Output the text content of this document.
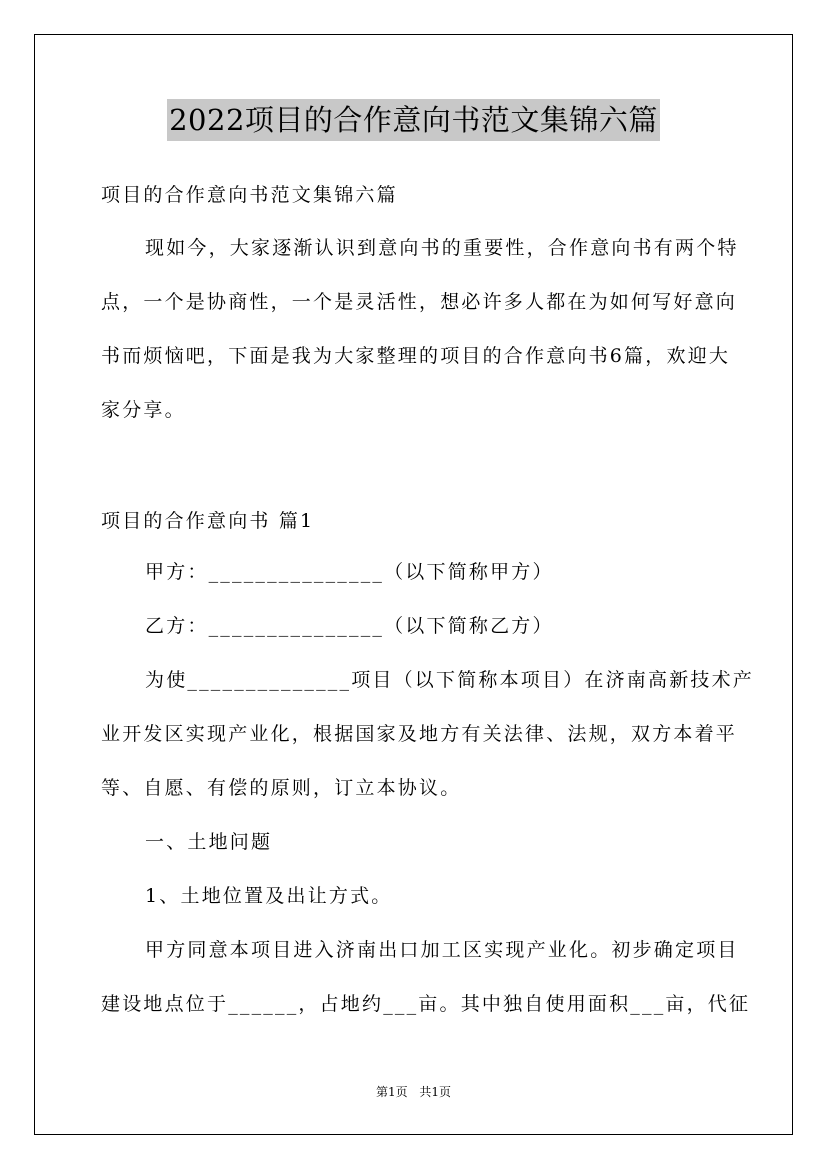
2022项目的合作意向书范文集锦六篇

项目的合作意向书范文集锦六篇

现如今，大家逐渐认识到意向书的重要性，合作意向书有两个特
点，一个是协商性，一个是灵活性，想必许多人都在为如何写好意向
书而烦恼吧，下面是我为大家整理的项目的合作意向书6篇，欢迎大
家分享。

项目的合作意向书 篇1

甲方：_______________（以下简称甲方）
乙方：_______________（以下简称乙方）
为使______________项目（以下简称本项目）在济南高新技术产
业开发区实现产业化，根据国家及地方有关法律、法规，双方本着平
等、自愿、有偿的原则，订立本协议。
一、土地问题
1、土地位置及出让方式。
甲方同意本项目进入济南出口加工区实现产业化。初步确定项目
建设地点位于______，占地约___亩。其中独自使用面积___亩，代征
第1页 共1页
